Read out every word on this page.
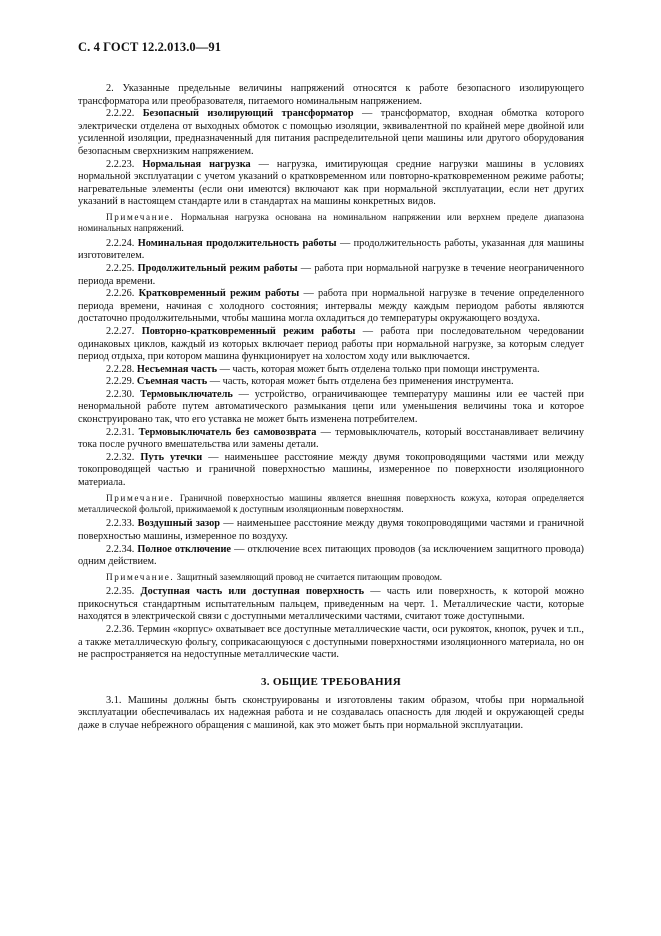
С. 4 ГОСТ 12.2.013.0—91

2. Указанные предельные величины напряжений относятся к работе безопасного изолирующего трансформатора или преобразователя, питаемого номинальным напряжением.

2.2.22. Безопасный изолирующий трансформатор — трансформатор, входная обмотка которого электрически отделена от выходных обмоток с помощью изоляции, эквивалентной по крайней мере двойной или усиленной изоляции, предназначенный для питания распределительной цепи машины или другого оборудования безопасным сверхнизким напряжением.

2.2.23. Нормальная нагрузка — нагрузка, имитирующая средние нагрузки машины в условиях нормальной эксплуатации с учетом указаний о кратковременном или повторно-кратковременном режиме работы; нагревательные элементы (если они имеются) включают как при нормальной эксплуатации, если нет других указаний в настоящем стандарте или в стандартах на машины конкретных видов.

Примечание. Нормальная нагрузка основана на номинальном напряжении или верхнем пределе диапазона номинальных напряжений.

2.2.24. Номинальная продолжительность работы — продолжительность работы, указанная для машины изготовителем.

2.2.25. Продолжительный режим работы — работа при нормальной нагрузке в течение неограниченного периода времени.

2.2.26. Кратковременный режим работы — работа при нормальной нагрузке в течение определенного периода времени, начиная с холодного состояния; интервалы между каждым периодом работы являются достаточно продолжительными, чтобы машина могла охладиться до температуры окружающего воздуха.

2.2.27. Повторно-кратковременный режим работы — работа при последовательном чередовании одинаковых циклов, каждый из которых включает период работы при нормальной нагрузке, за которым следует период отдыха, при котором машина функционирует на холостом ходу или выключается.

2.2.28. Несъемная часть — часть, которая может быть отделена только при помощи инструмента.

2.2.29. Съемная часть — часть, которая может быть отделена без применения инструмента.

2.2.30. Термовыключатель — устройство, ограничивающее температуру машины или ее частей при ненормальной работе путем автоматического размыкания цепи или уменьшения величины тока и которое сконструировано так, что его уставка не может быть изменена потребителем.

2.2.31. Термовыключатель без самовозврата — термовыключатель, который восстанавливает величину тока после ручного вмешательства или замены детали.

2.2.32. Путь утечки — наименьшее расстояние между двумя токопроводящими частями или между токопроводящей частью и граничной поверхностью машины, измеренное по поверхности изоляционного материала.

Примечание. Граничной поверхностью машины является внешняя поверхность кожуха, которая определяется металлической фольгой, прижимаемой к доступным изоляционным поверхностям.

2.2.33. Воздушный зазор — наименьшее расстояние между двумя токопроводящими частями и граничной поверхностью машины, измеренное по воздуху.

2.2.34. Полное отключение — отключение всех питающих проводов (за исключением защитного провода) одним действием.

Примечание. Защитный заземляющий провод не считается питающим проводом.

2.2.35. Доступная часть или доступная поверхность — часть или поверхность, к которой можно прикоснуться стандартным испытательным пальцем, приведенным на черт. 1. Металлические части, которые находятся в электрической связи с доступными металлическими частями, считают тоже доступными.

2.2.36. Термин «корпус» охватывает все доступные металлические части, оси рукояток, кнопок, ручек и т.п., а также металлическую фольгу, соприкасающуюся с доступными поверхностями изоляционного материала, но он не распространяется на недоступные металлические части.

3. ОБЩИЕ ТРЕБОВАНИЯ

3.1. Машины должны быть сконструированы и изготовлены таким образом, чтобы при нормальной эксплуатации обеспечивалась их надежная работа и не создавалась опасность для людей и окружающей среды даже в случае небрежного обращения с машиной, как это может быть при нормальной эксплуатации.
